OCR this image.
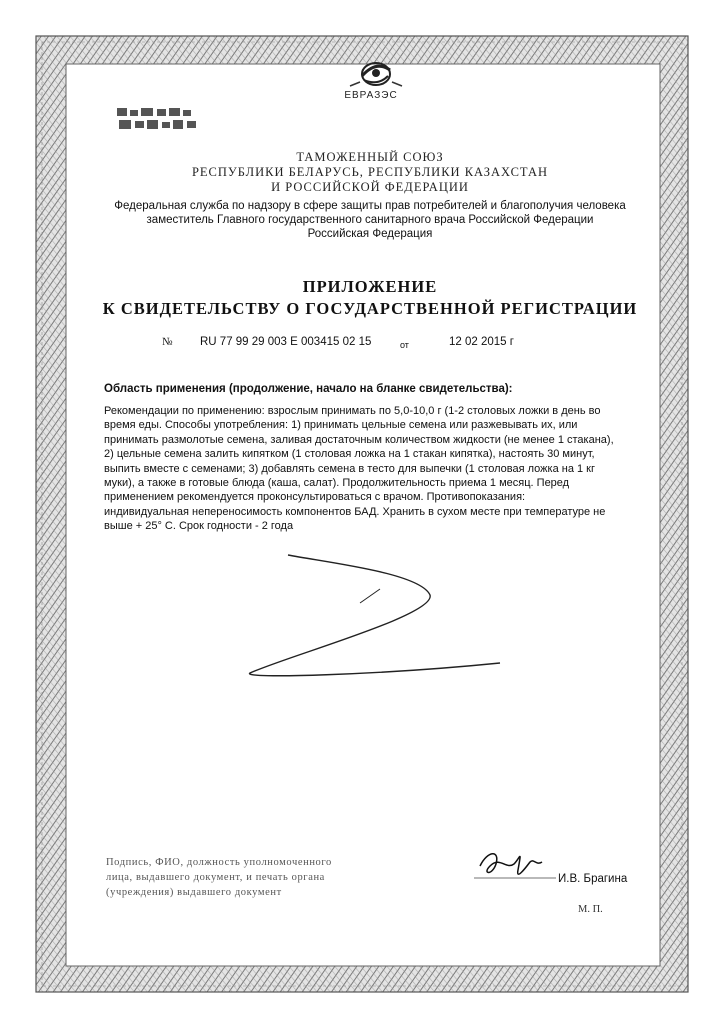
ЕВРАЗЭС
ТАМОЖЕННЫЙ СОЮЗ
РЕСПУБЛИКИ БЕЛАРУСЬ, РЕСПУБЛИКИ КАЗАХСТАН
И РОССИЙСКОЙ ФЕДЕРАЦИИ
Федеральная служба по надзору в сфере защиты прав потребителей и благополучия человека
заместитель Главного государственного санитарного врача Российской Федерации
Российская Федерация
ПРИЛОЖЕНИЕ
К СВИДЕТЕЛЬСТВУ О ГОСУДАРСТВЕННОЙ РЕГИСТРАЦИИ
№ RU 77 99 29 003 E 003415 02 15	от	12 02 2015 г
Область применения (продолжение, начало на бланке свидетельства):
Рекомендации по применению: взрослым принимать по 5,0-10,0 г (1-2 столовых ложки в день во
время еды. Способы употребления: 1) принимать цельные семена или разжевывать их, или
принимать размолотые семена, заливая достаточным количеством жидкости (не менее 1 стакана),
2) цельные семена залить кипятком (1 столовая ложка на 1 стакан кипятка), настоять 30 минут,
выпить вместе с семенами; 3) добавлять семена в тесто для выпечки (1 столовая ложка на 1 кг
муки), а также в готовые блюда (каша, салат). Продолжительность приема 1 месяц. Перед
применением рекомендуется проконсультироваться с врачом. Противопоказания:
индивидуальная непереносимость компонентов БАД. Хранить в сухом месте при температуре не
выше + 25° С. Срок годности - 2 года
Подпись, ФИО, должность уполномоченного
лица, выдавшего документ, и печать органа
(учреждения) выдавшего документ
И.В. Брагина
М. П.
